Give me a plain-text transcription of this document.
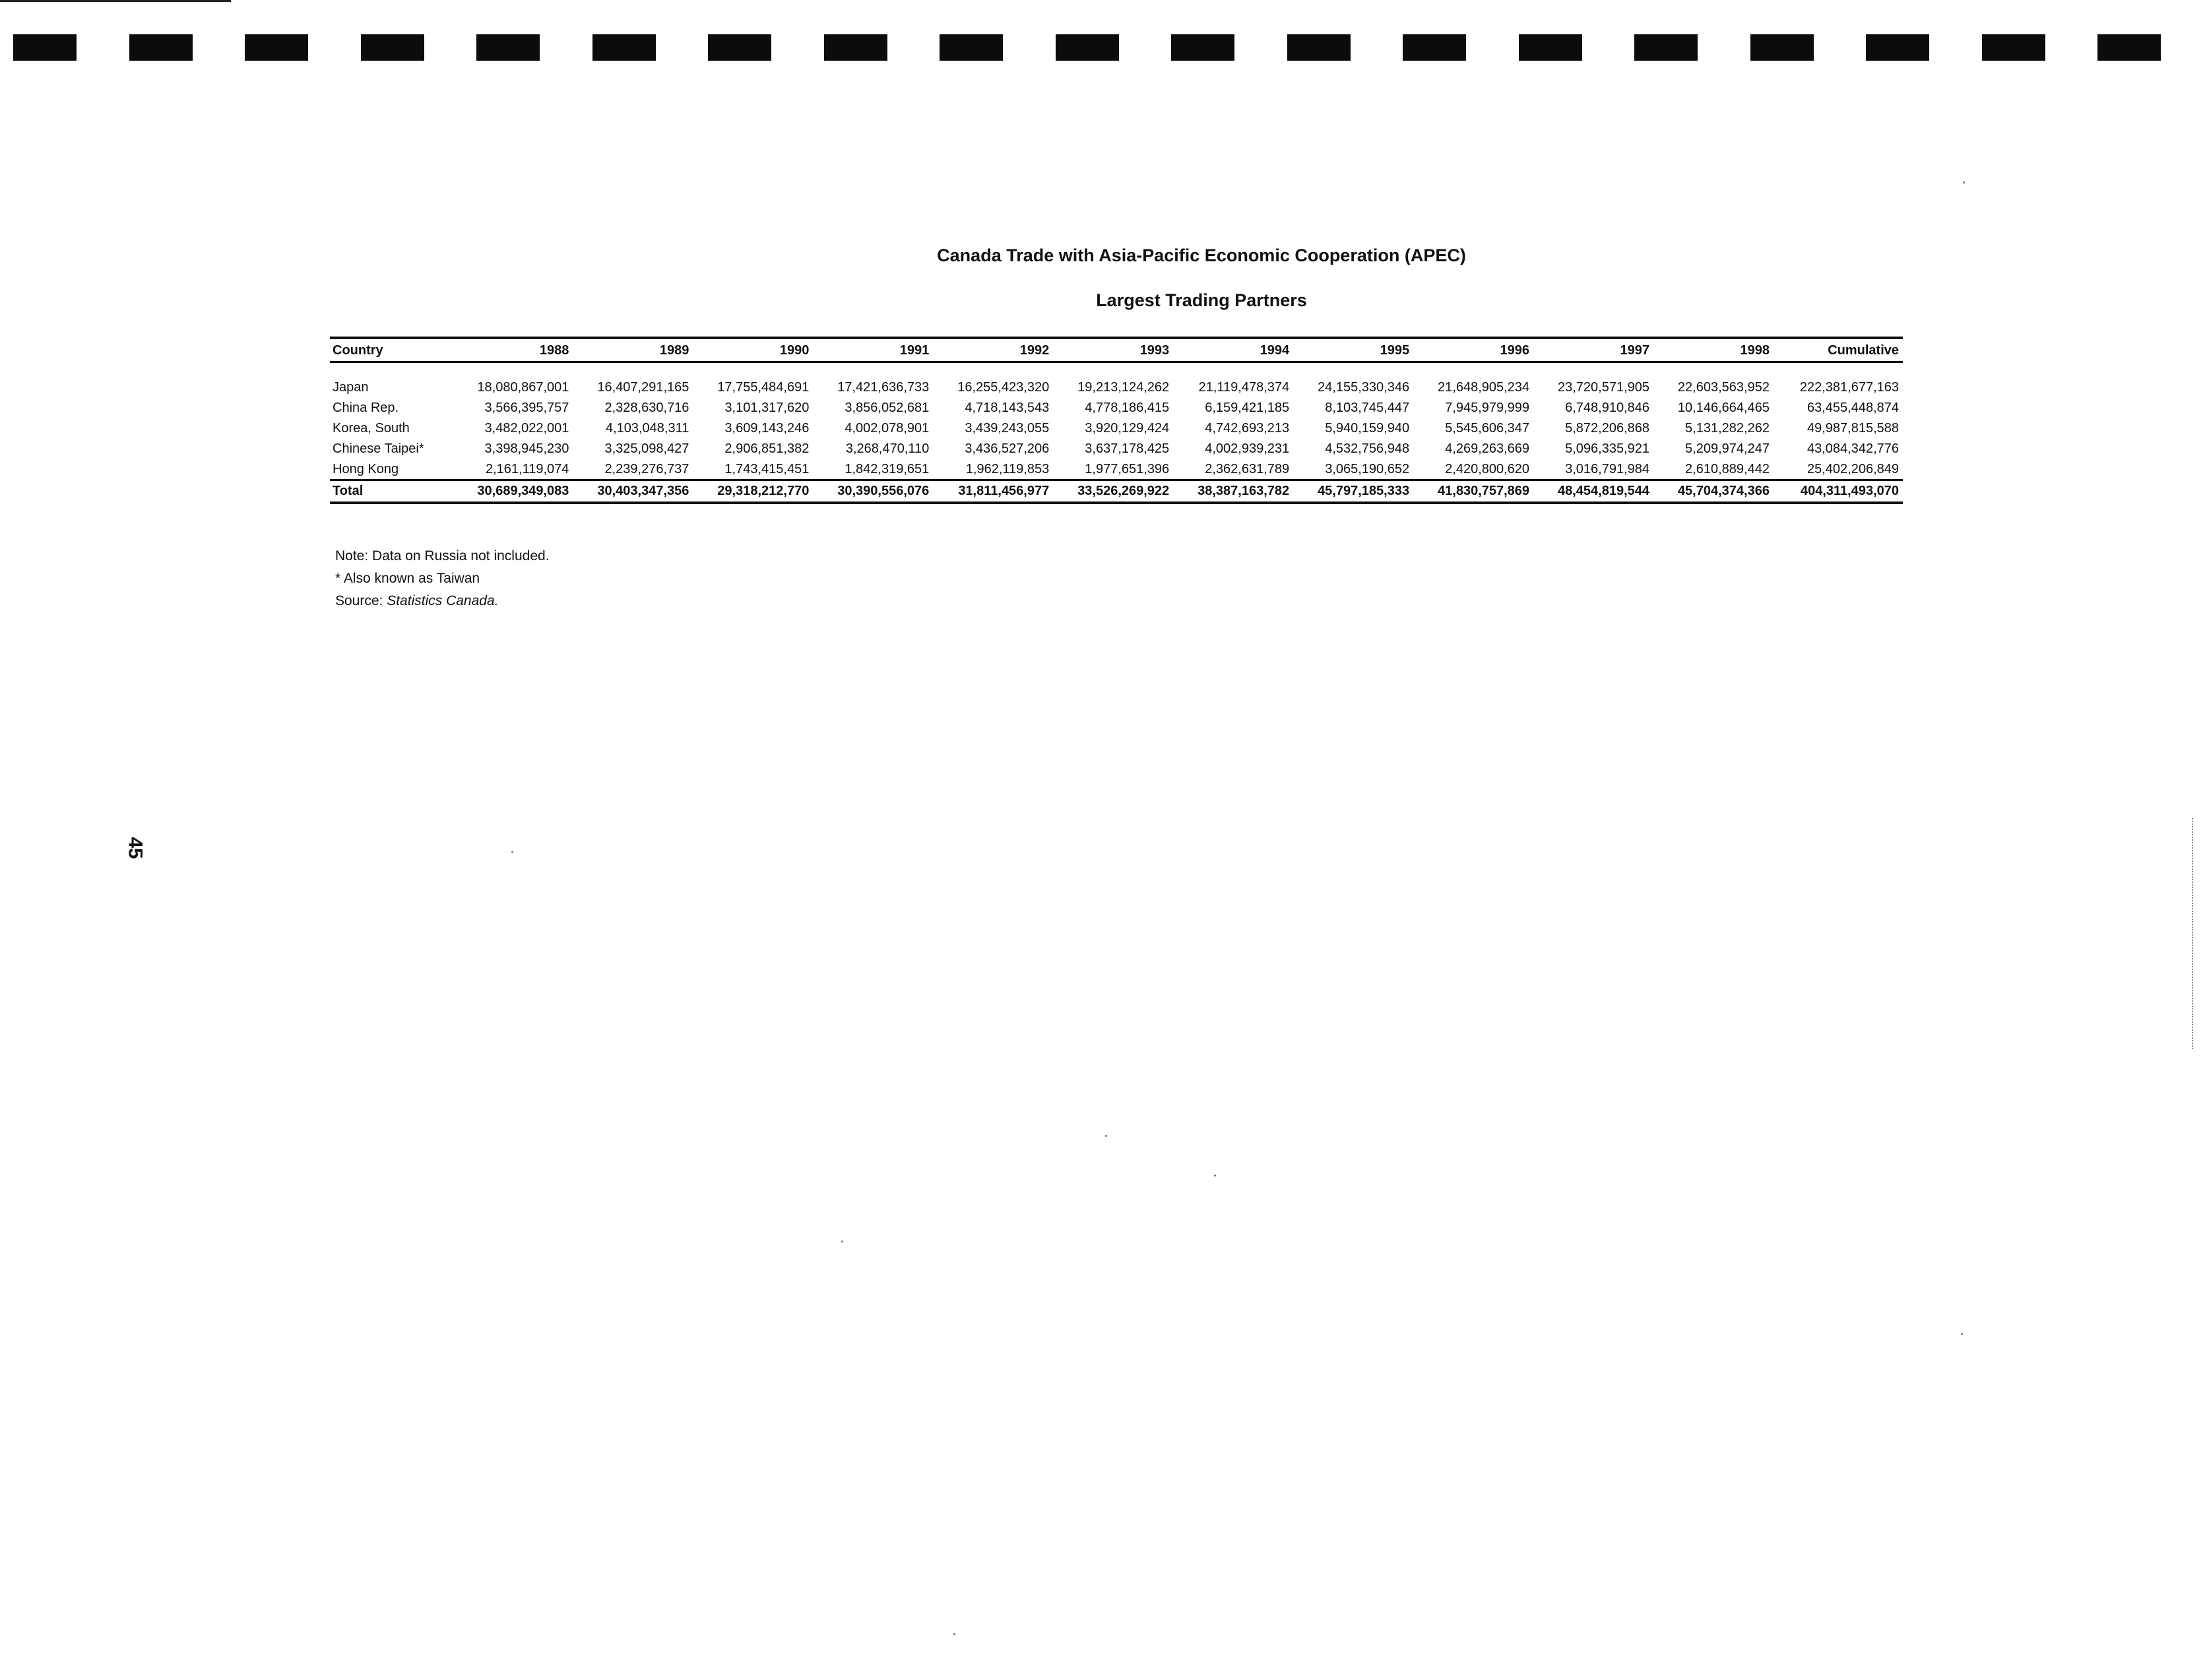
45
Canada Trade with Asia-Pacific Economic Cooperation (APEC)
Largest Trading Partners
Country	1988	1989	1990	1991	1992	1993	1994	1995	1996	1997	1998	Cumulative

Japan	18,080,867,001	16,407,291,165	17,755,484,691	17,421,636,733	16,255,423,320	19,213,124,262	21,119,478,374	24,155,330,346	21,648,905,234	23,720,571,905	22,603,563,952	222,381,677,163
China Rep.	3,566,395,757	2,328,630,716	3,101,317,620	3,856,052,681	4,718,143,543	4,778,186,415	6,159,421,185	8,103,745,447	7,945,979,999	6,748,910,846	10,146,664,465	63,455,448,874
Korea, South	3,482,022,001	4,103,048,311	3,609,143,246	4,002,078,901	3,439,243,055	3,920,129,424	4,742,693,213	5,940,159,940	5,545,606,347	5,872,206,868	5,131,282,262	49,987,815,588
Chinese Taipei*	3,398,945,230	3,325,098,427	2,906,851,382	3,268,470,110	3,436,527,206	3,637,178,425	4,002,939,231	4,532,756,948	4,269,263,669	5,096,335,921	5,209,974,247	43,084,342,776
Hong Kong	2,161,119,074	2,239,276,737	1,743,415,451	1,842,319,651	1,962,119,853	1,977,651,396	2,362,631,789	3,065,190,652	2,420,800,620	3,016,791,984	2,610,889,442	25,402,206,849
Total	30,689,349,083	30,403,347,356	29,318,212,770	30,390,556,076	31,811,456,977	33,526,269,922	38,387,163,782	45,797,185,333	41,830,757,869	48,454,819,544	45,704,374,366	404,311,493,070
Note: Data on Russia not included.
* Also known as Taiwan
Source: Statistics Canada.
